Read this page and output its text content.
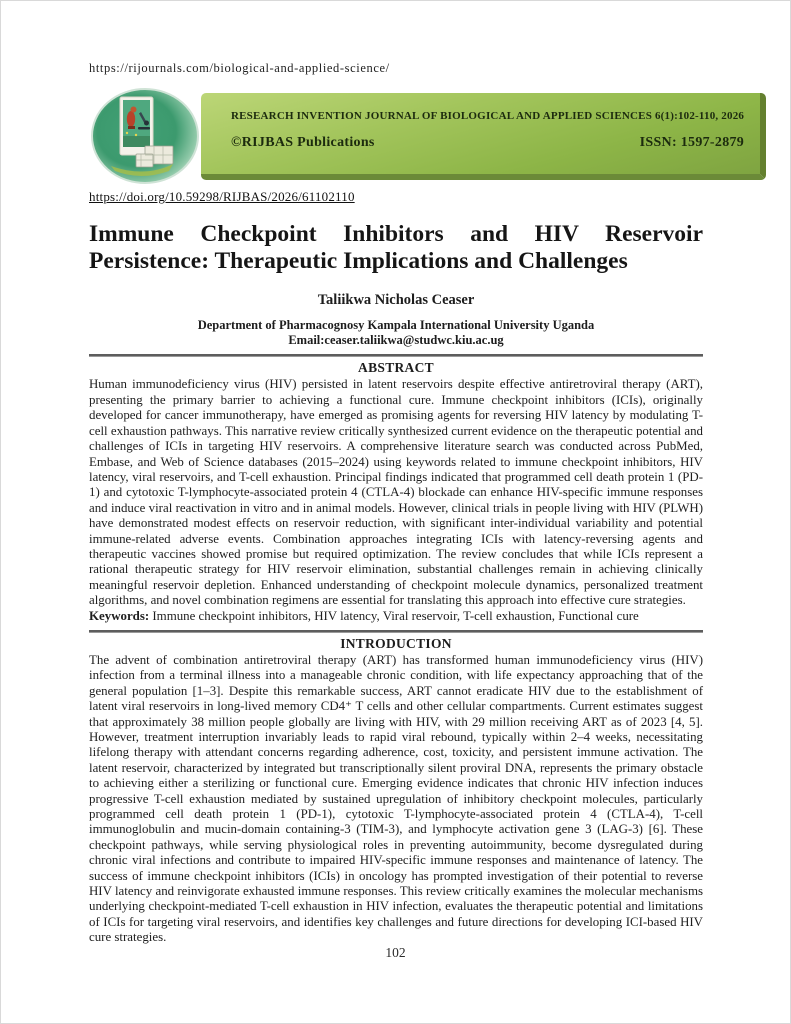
https://rijournals.com/biological-and-applied-science/
RESEARCH INVENTION JOURNAL OF BIOLOGICAL AND APPLIED SCIENCES 6(1):102-110, 2026
©RIJBAS Publications	ISSN: 1597-2879
https://doi.org/10.59298/RIJBAS/2026/61102110
Immune Checkpoint Inhibitors and HIV Reservoir
Persistence: Therapeutic Implications and Challenges
Taliikwa Nicholas Ceaser
Department of Pharmacognosy Kampala International University Uganda
Email:ceaser.taliikwa@studwc.kiu.ac.ug
ABSTRACT
Human immunodeficiency virus (HIV) persisted in latent reservoirs despite effective antiretroviral therapy (ART), presenting the primary barrier to achieving a functional cure. Immune checkpoint inhibitors (ICIs), originally developed for cancer immunotherapy, have emerged as promising agents for reversing HIV latency by modulating T-cell exhaustion pathways. This narrative review critically synthesized current evidence on the therapeutic potential and challenges of ICIs in targeting HIV reservoirs. A comprehensive literature search was conducted across PubMed, Embase, and Web of Science databases (2015–2024) using keywords related to immune checkpoint inhibitors, HIV latency, viral reservoirs, and T-cell exhaustion. Principal findings indicated that programmed cell death protein 1 (PD-1) and cytotoxic T-lymphocyte-associated protein 4 (CTLA-4) blockade can enhance HIV-specific immune responses and induce viral reactivation in vitro and in animal models. However, clinical trials in people living with HIV (PLWH) have demonstrated modest effects on reservoir reduction, with significant inter-individual variability and potential immune-related adverse events. Combination approaches integrating ICIs with latency-reversing agents and therapeutic vaccines showed promise but required optimization. The review concludes that while ICIs represent a rational therapeutic strategy for HIV reservoir elimination, substantial challenges remain in achieving clinically meaningful reservoir depletion. Enhanced understanding of checkpoint molecule dynamics, personalized treatment algorithms, and novel combination regimens are essential for translating this approach into effective cure strategies.
Keywords: Immune checkpoint inhibitors, HIV latency, Viral reservoir, T-cell exhaustion, Functional cure
INTRODUCTION
The advent of combination antiretroviral therapy (ART) has transformed human immunodeficiency virus (HIV) infection from a terminal illness into a manageable chronic condition, with life expectancy approaching that of the general population [1–3]. Despite this remarkable success, ART cannot eradicate HIV due to the establishment of latent viral reservoirs in long-lived memory CD4⁺ T cells and other cellular compartments. Current estimates suggest that approximately 38 million people globally are living with HIV, with 29 million receiving ART as of 2023 [4, 5]. However, treatment interruption invariably leads to rapid viral rebound, typically within 2–4 weeks, necessitating lifelong therapy with attendant concerns regarding adherence, cost, toxicity, and persistent immune activation. The latent reservoir, characterized by integrated but transcriptionally silent proviral DNA, represents the primary obstacle to achieving either a sterilizing or functional cure. Emerging evidence indicates that chronic HIV infection induces progressive T-cell exhaustion mediated by sustained upregulation of inhibitory checkpoint molecules, particularly programmed cell death protein 1 (PD-1), cytotoxic T-lymphocyte-associated protein 4 (CTLA-4), T-cell immunoglobulin and mucin-domain containing-3 (TIM-3), and lymphocyte activation gene 3 (LAG-3) [6]. These checkpoint pathways, while serving physiological roles in preventing autoimmunity, become dysregulated during chronic viral infections and contribute to impaired HIV-specific immune responses and maintenance of latency. The success of immune checkpoint inhibitors (ICIs) in oncology has prompted investigation of their potential to reverse HIV latency and reinvigorate exhausted immune responses. This review critically examines the molecular mechanisms underlying checkpoint-mediated T-cell exhaustion in HIV infection, evaluates the therapeutic potential and limitations of ICIs for targeting viral reservoirs, and identifies key challenges and future directions for developing ICI-based HIV cure strategies.
102
